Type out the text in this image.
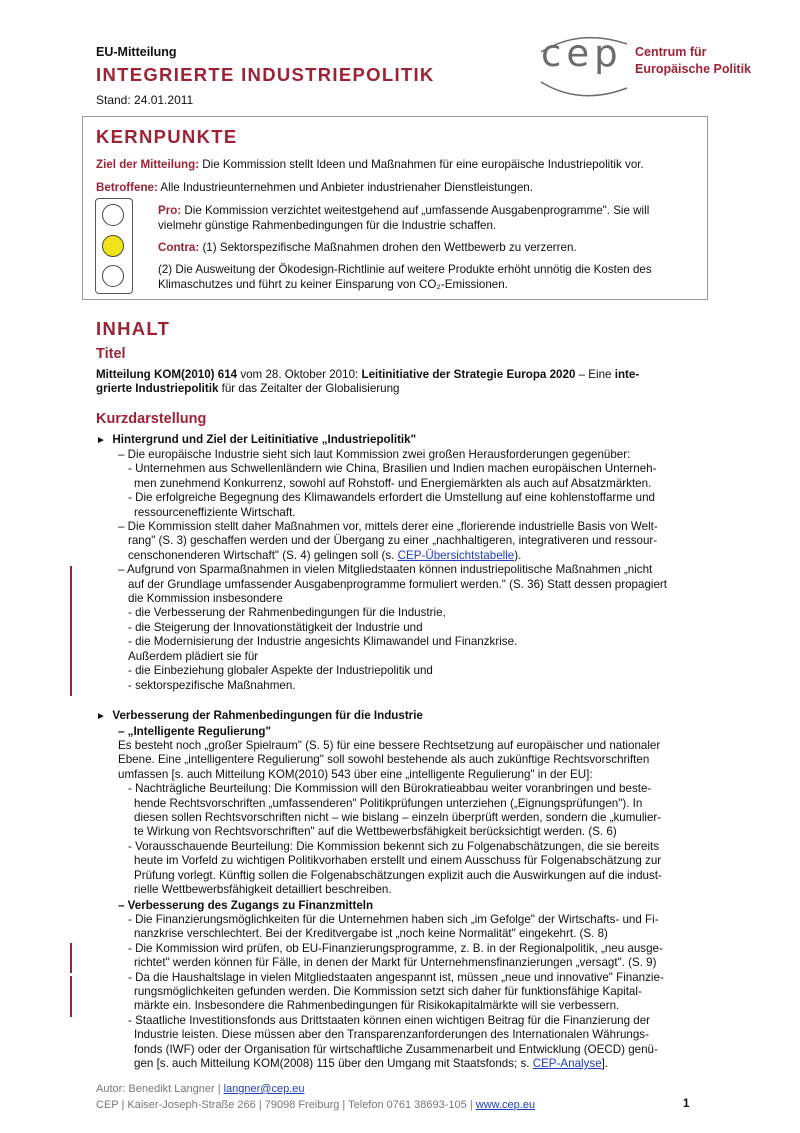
EU-Mitteilung
INTEGRIERTE INDUSTRIEPOLITIK
Stand: 24.01.2011
cep Centrum für
Europäische Politik
KERNPUNKTE
Ziel der Mitteilung: Die Kommission stellt Ideen und Maßnahmen für eine europäische Industriepolitik vor.
Betroffene: Alle Industrieunternehmen und Anbieter industrienaher Dienstleistungen.
Pro: Die Kommission verzichtet weitestgehend auf „umfassende Ausgabenprogramme". Sie will
vielmehr günstige Rahmenbedingungen für die Industrie schaffen.
Contra: (1) Sektorspezifische Maßnahmen drohen den Wettbewerb zu verzerren.
(2) Die Ausweitung der Ökodesign-Richtlinie auf weitere Produkte erhöht unnötig die Kosten des
Klimaschutzes und führt zu keiner Einsparung von CO₂-Emissionen.
INHALT
Titel
Mitteilung KOM(2010) 614 vom 28. Oktober 2010: Leitinitiative der Strategie Europa 2020 – Eine inte-
grierte Industriepolitik für das Zeitalter der Globalisierung
Kurzdarstellung
► Hintergrund und Ziel der Leitinitiative „Industriepolitik"
– Die europäische Industrie sieht sich laut Kommission zwei großen Herausforderungen gegenüber:
- Unternehmen aus Schwellenländern wie China, Brasilien und Indien machen europäischen Unterneh-
men zunehmend Konkurrenz, sowohl auf Rohstoff- und Energiemärkten als auch auf Absatzmärkten.
- Die erfolgreiche Begegnung des Klimawandels erfordert die Umstellung auf eine kohlenstoffarme und
ressourceneffiziente Wirtschaft.
– Die Kommission stellt daher Maßnahmen vor, mittels derer eine „florierende industrielle Basis von Welt-
rang" (S. 3) geschaffen werden und der Übergang zu einer „nachhaltigeren, integrativeren und ressour-
censchonenderen Wirtschaft" (S. 4) gelingen soll (s. CEP-Übersichtstabelle).
– Aufgrund von Sparmaßnahmen in vielen Mitgliedstaaten können industriepolitische Maßnahmen „nicht
auf der Grundlage umfassender Ausgabenprogramme formuliert werden." (S. 36) Statt dessen propagiert
die Kommission insbesondere
- die Verbesserung der Rahmenbedingungen für die Industrie,
- die Steigerung der Innovationstätigkeit der Industrie und
- die Modernisierung der Industrie angesichts Klimawandel und Finanzkrise.
Außerdem plädiert sie für
- die Einbeziehung globaler Aspekte der Industriepolitik und
- sektorspezifische Maßnahmen.
► Verbesserung der Rahmenbedingungen für die Industrie
– „Intelligente Regulierung"
Es besteht noch „großer Spielraum" (S. 5) für eine bessere Rechtsetzung auf europäischer und nationaler
Ebene. Eine „intelligentere Regulierung" soll sowohl bestehende als auch zukünftige Rechtsvorschriften
umfassen [s. auch Mitteilung KOM(2010) 543 über eine „intelligente Regulierung" in der EU]:
- Nachträgliche Beurteilung: Die Kommission will den Bürokratieabbau weiter voranbringen und beste-
hende Rechtsvorschriften „umfassenderen" Politikprüfungen unterziehen („Eignungsprüfungen"). In
diesen sollen Rechtsvorschriften nicht – wie bislang – einzeln überprüft werden, sondern die „kumulier-
te Wirkung von Rechtsvorschriften" auf die Wettbewerbsfähigkeit berücksichtigt werden. (S. 6)
- Vorausschauende Beurteilung: Die Kommission bekennt sich zu Folgenabschätzungen, die sie bereits
heute im Vorfeld zu wichtigen Politikvorhaben erstellt und einem Ausschuss für Folgenabschätzung zur
Prüfung vorlegt. Künftig sollen die Folgenabschätzungen explizit auch die Auswirkungen auf die indust-
rielle Wettbewerbsfähigkeit detailliert beschreiben.
– Verbesserung des Zugangs zu Finanzmitteln
- Die Finanzierungsmöglichkeiten für die Unternehmen haben sich „im Gefolge" der Wirtschafts- und Fi-
nanzkrise verschlechtert. Bei der Kreditvergabe ist „noch keine Normalität" eingekehrt. (S. 8)
- Die Kommission wird prüfen, ob EU-Finanzierungsprogramme, z. B. in der Regionalpolitik, „neu ausge-
richtet" werden können für Fälle, in denen der Markt für Unternehmensfinanzierungen „versagt". (S. 9)
- Da die Haushaltslage in vielen Mitgliedstaaten angespannt ist, müssen „neue und innovative" Finanzie-
rungsmöglichkeiten gefunden werden. Die Kommission setzt sich daher für funktionsfähige Kapital-
märkte ein. Insbesondere die Rahmenbedingungen für Risikokapitalmärkte will sie verbessern.
- Staatliche Investitionsfonds aus Drittstaaten können einen wichtigen Beitrag für die Finanzierung der
Industrie leisten. Diese müssen aber den Transparenzanforderungen des Internationalen Währungs-
fonds (IWF) oder der Organisation für wirtschaftliche Zusammenarbeit und Entwicklung (OECD) genü-
gen [s. auch Mitteilung KOM(2008) 115 über den Umgang mit Staatsfonds; s. CEP-Analyse].
Autor: Benedikt Langner | langner@cep.eu
CEP | Kaiser-Joseph-Straße 266 | 79098 Freiburg | Telefon 0761 38693-105 | www.cep.eu	1
